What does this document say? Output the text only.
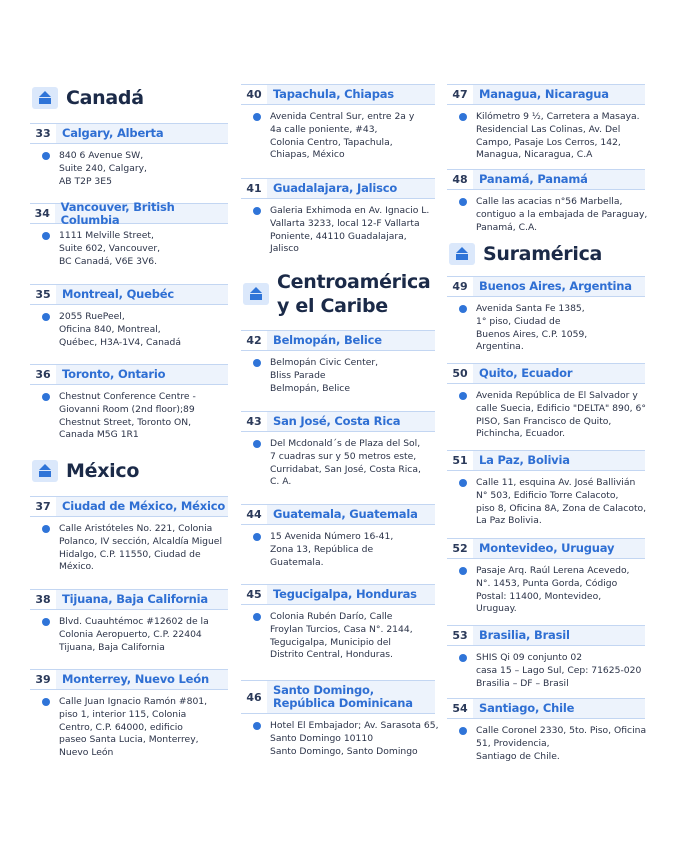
Canadá
33 Calgary, Alberta
840 6 Avenue SW,
Suite 240, Calgary,
AB T2P 3E5
34 Vancouver, British Columbia
1111 Melville Street,
Suite 602, Vancouver,
BC Canadá, V6E 3V6.
35 Montreal, Quebéc
2055 RuePeel,
Oficina 840, Montreal,
Québec, H3A-1V4, Canadá
36 Toronto, Ontario
Chestnut Conference Centre -
Giovanni Room (2nd floor);89
Chestnut Street, Toronto ON,
Canada M5G 1R1
México
37 Ciudad de México, México
Calle Aristóteles No. 221, Colonia
Polanco, IV sección, Alcaldía Miguel
Hidalgo, C.P. 11550, Ciudad de
México.
38 Tijuana, Baja California
Blvd. Cuauhtémoc #12602 de la
Colonia Aeropuerto, C.P. 22404
Tijuana, Baja California
39 Monterrey, Nuevo León
Calle Juan Ignacio Ramón #801,
piso 1, interior 115, Colonia
Centro, C.P. 64000, edificio
paseo Santa Lucia, Monterrey,
Nuevo León
40 Tapachula, Chiapas
Avenida Central Sur, entre 2a y
4a calle poniente, #43,
Colonia Centro, Tapachula,
Chiapas, México
41 Guadalajara, Jalisco
Galeria Exhimoda en Av. Ignacio L.
Vallarta 3233, local 12-F Vallarta
Poniente, 44110 Guadalajara,
Jalisco
Centroamérica
y el Caribe
42 Belmopán, Belice
Belmopán Civic Center,
Bliss Parade
Belmopán, Belice
43 San José, Costa Rica
Del Mcdonald´s de Plaza del Sol,
7 cuadras sur y 50 metros este,
Curridabat, San José, Costa Rica,
C. A.
44 Guatemala, Guatemala
15 Avenida Número 16-41,
Zona 13, República de
Guatemala.
45 Tegucigalpa, Honduras
Colonia Rubén Darío, Calle
Froylan Turcios, Casa N°. 2144,
Tegucigalpa, Municipio del
Distrito Central, Honduras.
46 Santo Domingo,
República Dominicana
Hotel El Embajador; Av. Sarasota 65,
Santo Domingo 10110
Santo Domingo, Santo Domingo
47 Managua, Nicaragua
Kilómetro 9 ½, Carretera a Masaya.
Residencial Las Colinas, Av. Del
Campo, Pasaje Los Cerros, 142,
Managua, Nicaragua, C.A
48 Panamá, Panamá
Calle las acacias n°56 Marbella,
contiguo a la embajada de Paraguay,
Panamá, C.A.
Suramérica
49 Buenos Aires, Argentina
Avenida Santa Fe 1385,
1° piso, Ciudad de
Buenos Aires, C.P. 1059,
Argentina.
50 Quito, Ecuador
Avenida República de El Salvador y
calle Suecia, Edificio "DELTA" 890, 6°
PISO, San Francisco de Quito,
Pichincha, Ecuador.
51 La Paz, Bolivia
Calle 11, esquina Av. José Ballivián
N° 503, Edificio Torre Calacoto,
piso 8, Oficina 8A, Zona de Calacoto,
La Paz Bolivia.
52 Montevideo, Uruguay
Pasaje Arq. Raúl Lerena Acevedo,
N°. 1453, Punta Gorda, Código
Postal: 11400, Montevideo,
Uruguay.
53 Brasilia, Brasil
SHIS Qi 09 conjunto 02
casa 15 – Lago Sul, Cep: 71625-020
Brasilia – DF – Brasil
54 Santiago, Chile
Calle Coronel 2330, 5to. Piso, Oficina
51, Providencia,
Santiago de Chile.
